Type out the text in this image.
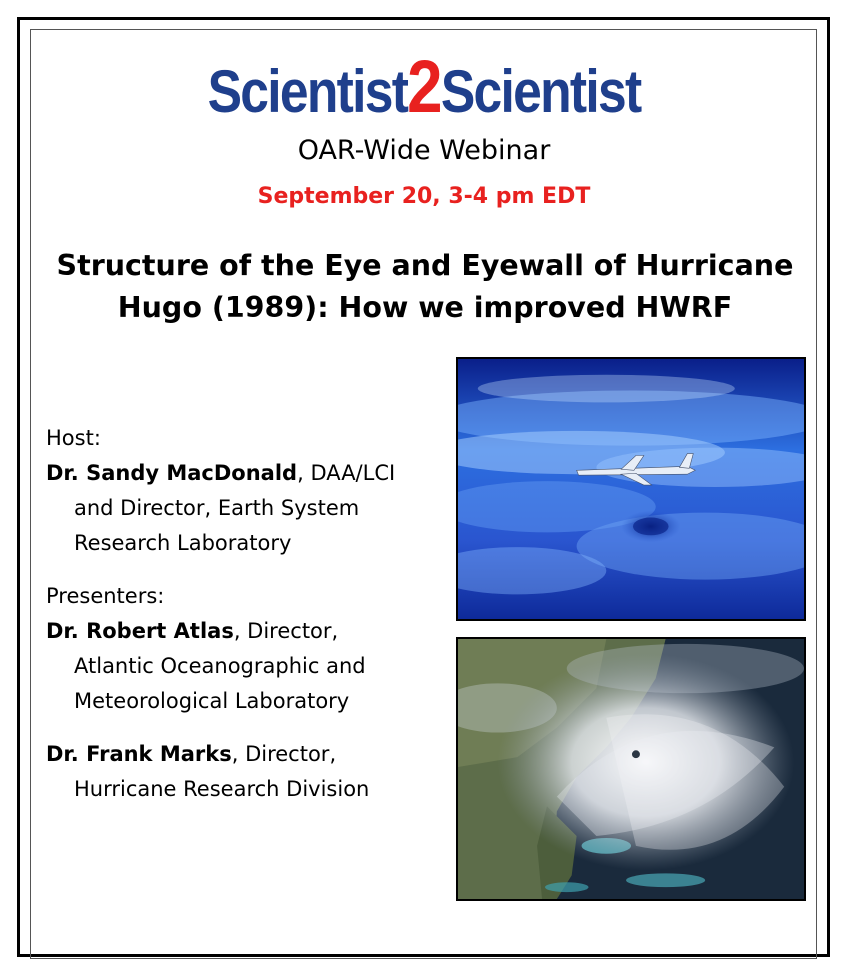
Scientist2Scientist
OAR-Wide Webinar
September 20, 3-4 pm EDT
Structure of the Eye and Eyewall of Hurricane
Hugo (1989): How we improved HWRF

Host:

Dr. Sandy MacDonald, DAA/LCI

and Director, Earth System

Research Laboratory

Presenters:

Dr. Robert Atlas, Director,

Atlantic Oceanographic and

Meteorological Laboratory

Dr. Frank Marks, Director,

Hurricane Research Division
